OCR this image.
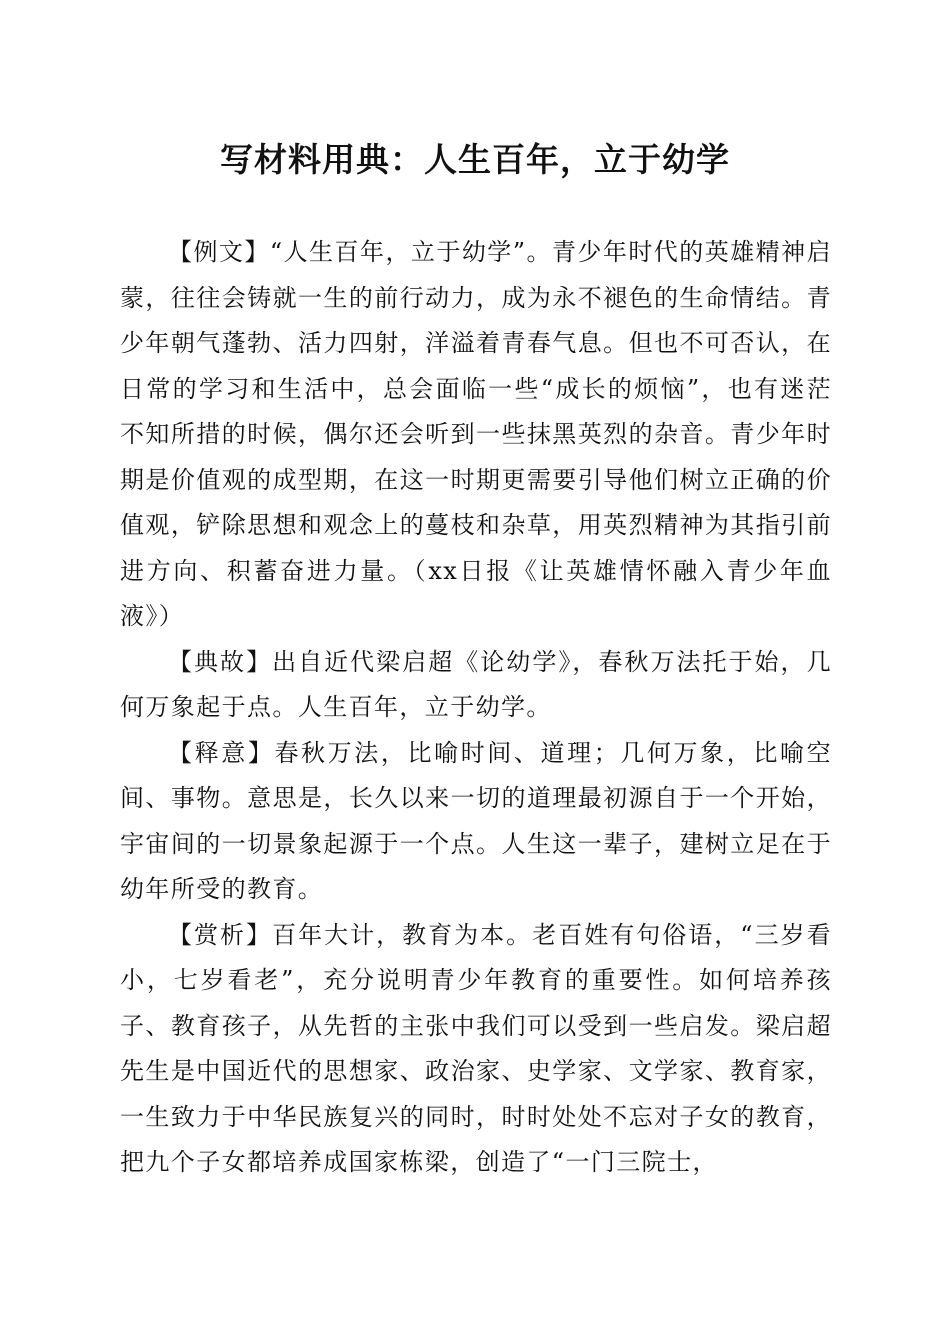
写材料用典：人生百年，立于幼学

【例文】“人生百年，立于幼学”。青少年时代的英雄精神启蒙，往往会铸就一生的前行动力，成为永不褪色的生命情结。青少年朝气蓬勃、活力四射，洋溢着青春气息。但也不可否认，在日常的学习和生活中，总会面临一些“成长的烦恼”，也有迷茫不知所措的时候，偶尔还会听到一些抹黑英烈的杂音。青少年时期是价值观的成型期，在这一时期更需要引导他们树立正确的价值观，铲除思想和观念上的蔓枝和杂草，用英烈精神为其指引前进方向、积蓄奋进力量。（xx日报《让英雄情怀融入青少年血液》）

【典故】出自近代梁启超《论幼学》，春秋万法托于始，几何万象起于点。人生百年，立于幼学。

【释意】春秋万法，比喻时间、道理；几何万象，比喻空间、事物。意思是，长久以来一切的道理最初源自于一个开始，宇宙间的一切景象起源于一个点。人生这一辈子，建树立足在于幼年所受的教育。

【赏析】百年大计，教育为本。老百姓有句俗语，“三岁看小，七岁看老”，充分说明青少年教育的重要性。如何培养孩子、教育孩子，从先哲的主张中我们可以受到一些启发。梁启超先生是中国近代的思想家、政治家、史学家、文学家、教育家，一生致力于中华民族复兴的同时，时时处处不忘对子女的教育，把九个子女都培养成国家栋梁，创造了“一门三院士，
